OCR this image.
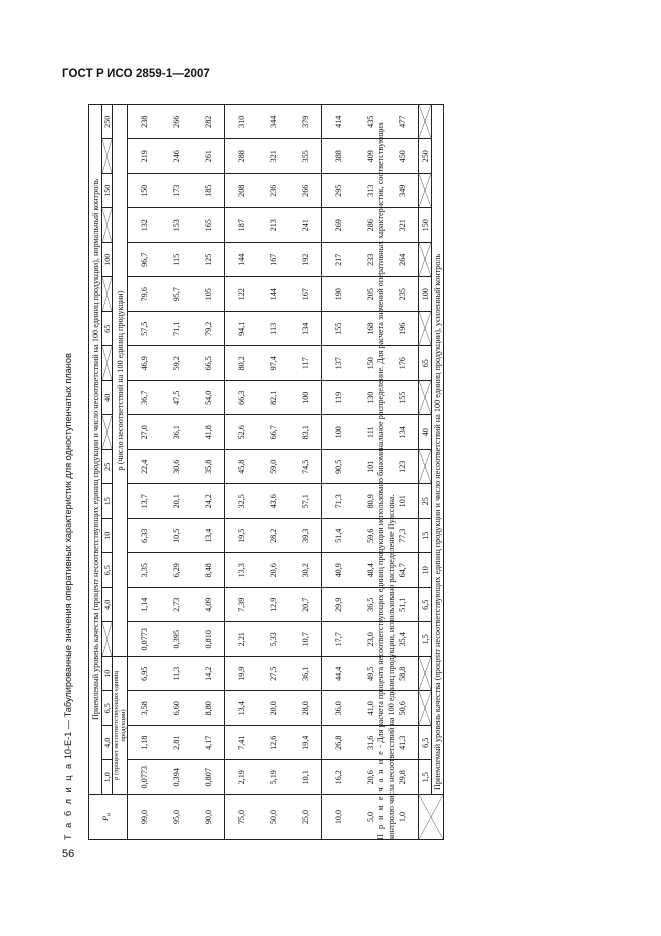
ГОСТ Р ИСО 2859-1—2007
56
Т а б л и ц а 10-E-1 — Табулированные значения оперативных характеристик для одноступенчатых планов
$P_a$	Приемлемый уровень качества (процент несоответствующих единиц продукции и число несоответствий на 100 единиц продукции), нормальный контроль																			
	1,0	4,0	6,5	10		4,0	6,5	10	15	25		40		65		100		150		250
	p (процент несоответствующих единиц продукции)				p (число несоответствий на 100 единиц продукции)															
99,0	0,0773	1,18	3,58	6,95	0,0773	1,14	3,35	6,33	13,7	22,4	27,0	36,7	46,9	57,5	79,6	96,7	132	150	219	238
95,0	0,394	2,81	6,60	11,3	0,395	2,73	6,29	10,5	20,1	30,6	36,1	47,5	59,2	71,1	95,7	115	153	173	246	266
90,0	0,807	4,17	8,80	14,2	0,810	4,09	8,48	13,4	24,2	35,8	41,8	54,0	66,5	79,2	105	125	165	185	261	282
75,0	2,19	7,41	13,4	19,9	2,21	7,39	13,3	19,5	32,5	45,8	52,6	66,3	80,2	94,1	122	144	187	208	288	310
50,0	5,19	12,6	20,0	27,5	5,33	12,9	20,6	28,2	43,6	59,0	66,7	82,1	97,4	113	144	167	213	236	321	344
25,0	10,1	19,4	28,0	36,1	10,7	20,7	30,2	39,3	57,1	74,5	83,1	100	117	134	167	192	241	266	355	379
10,0	16,2	26,8	36,0	44,4	17,7	29,9	40,9	51,4	71,3	90,5	100	119	137	155	190	217	269	295	388	414
5,0	20,6	31,6	41,0	49,5	23,0	36,5	48,4	59,6	80,9	101	111	130	150	168	205	233	286	313	409	435
1,0	29,8	41,3	50,6	58,8	35,4	51,1	64,7	77,3	101	123	134	155	176	196	235	264	321	349	450	477

	1,5	6,5			1,5	6,5	10	15	25		40		65		100		150		250	

	Приемлемый уровень качества (процент несоответствующих единиц продукции и число несоответствий на 100 единиц продукции), усиленный контроль																			
П р и м е ч а н и е - Для расчета процента несоответствующих единиц продукции использовано биноминальное распределение. Для расчета значений оперативных характеристик, соответствующих контролю числа несоответствий на 100 единиц продукции, использовано распределение Пуассона.
